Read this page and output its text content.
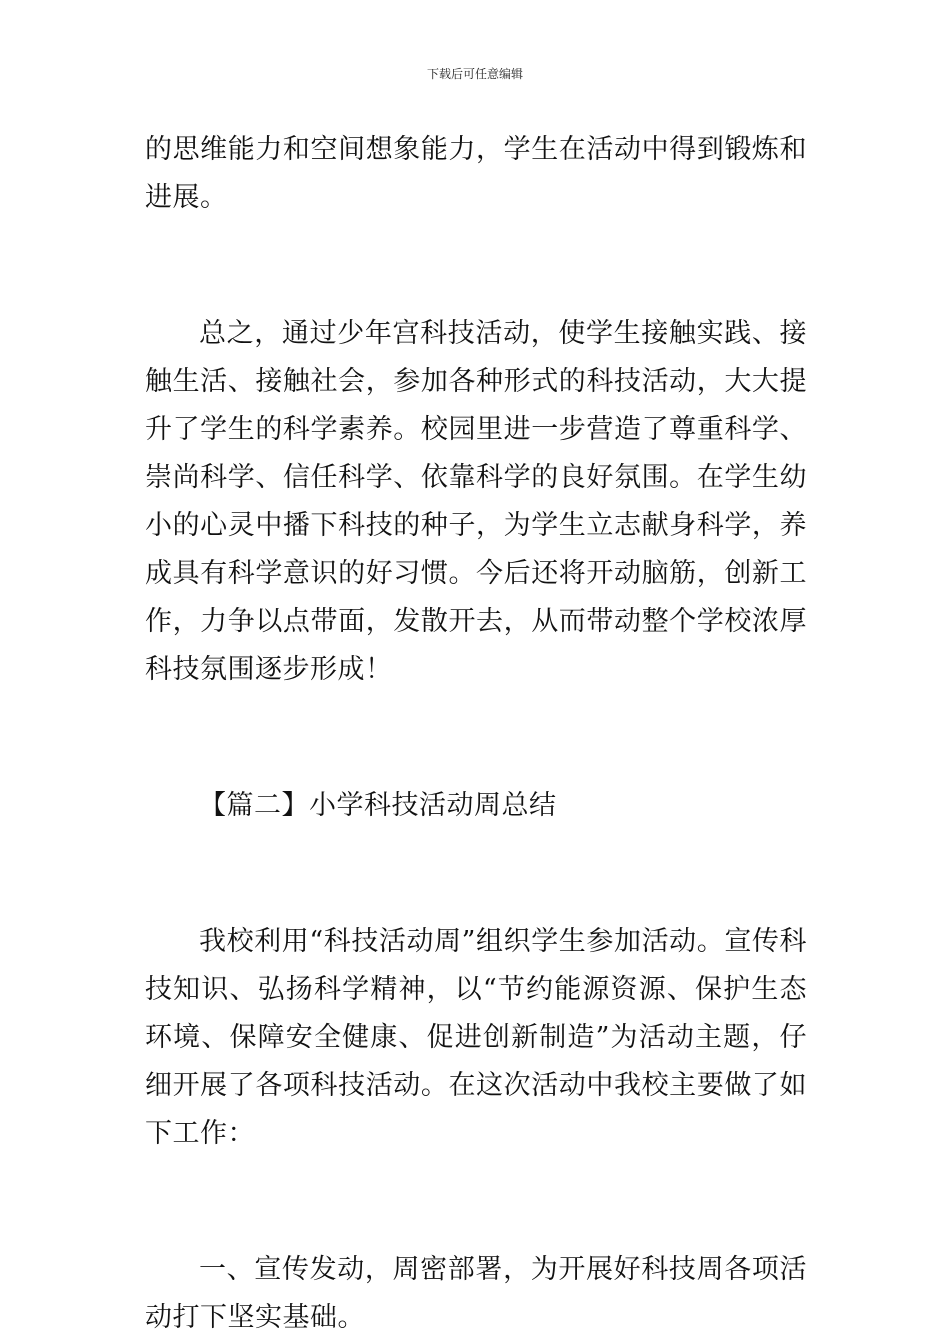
下载后可任意编辑

的思维能力和空间想象能力，学生在活动中得到锻炼和进展。

总之，通过少年宫科技活动，使学生接触实践、接触生活、接触社会，参加各种形式的科技活动，大大提升了学生的科学素养。校园里进一步营造了尊重科学、崇尚科学、信任科学、依靠科学的良好氛围。在学生幼小的心灵中播下科技的种子，为学生立志献身科学，养成具有科学意识的好习惯。今后还将开动脑筋，创新工作，力争以点带面，发散开去，从而带动整个学校浓厚科技氛围逐步形成！

【篇二】小学科技活动周总结

我校利用“科技活动周”组织学生参加活动。宣传科技知识、弘扬科学精神，以“节约能源资源、保护生态环境、保障安全健康、促进创新制造”为活动主题，仔细开展了各项科技活动。在这次活动中我校主要做了如下工作：

一、宣传发动，周密部署，为开展好科技周各项活动打下坚实基础。
